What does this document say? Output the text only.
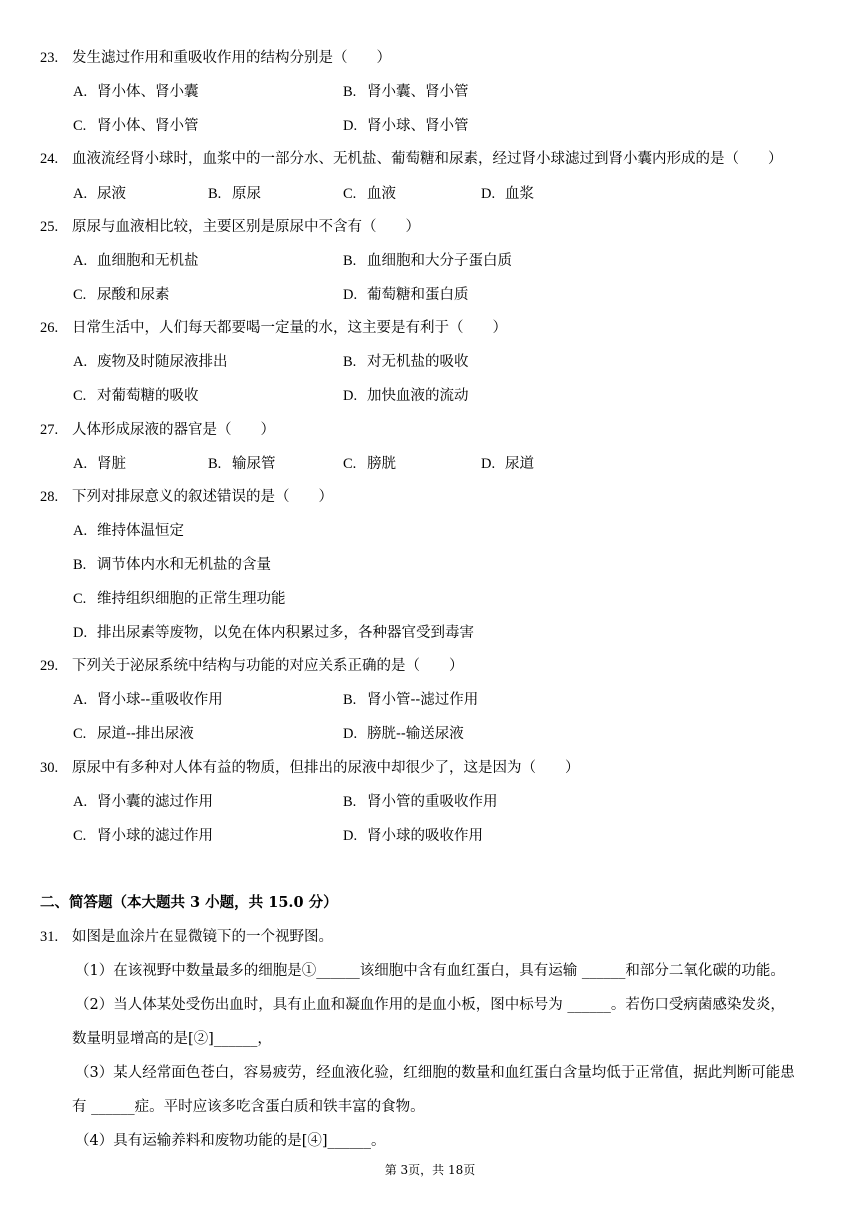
23. 发生滤过作用和重吸收作用的结构分别是（　　）
A. 肾小体、肾小囊	B. 肾小囊、肾小管
C. 肾小体、肾小管	D. 肾小球、肾小管
24. 血液流经肾小球时，血浆中的一部分水、无机盐、葡萄糖和尿素，经过肾小球滤过到肾小囊内形成的是（　　）
A. 尿液	B. 原尿	C. 血液	D. 血浆
25. 原尿与血液相比较，主要区别是原尿中不含有（　　）
A. 血细胞和无机盐	B. 血细胞和大分子蛋白质
C. 尿酸和尿素	D. 葡萄糖和蛋白质
26. 日常生活中，人们每天都要喝一定量的水，这主要是有利于（　　）
A. 废物及时随尿液排出	B. 对无机盐的吸收
C. 对葡萄糖的吸收	D. 加快血液的流动
27. 人体形成尿液的器官是（　　）
A. 肾脏	B. 输尿管	C. 膀胱	D. 尿道
28. 下列对排尿意义的叙述错误的是（　　）
A. 维持体温恒定
B. 调节体内水和无机盐的含量
C. 维持组织细胞的正常生理功能
D. 排出尿素等废物，以免在体内积累过多，各种器官受到毒害
29. 下列关于泌尿系统中结构与功能的对应关系正确的是（　　）
A. 肾小球--重吸收作用	B. 肾小管--滤过作用
C. 尿道--排出尿液	D. 膀胱--输送尿液
30. 原尿中有多种对人体有益的物质，但排出的尿液中却很少了，这是因为（　　）
A. 肾小囊的滤过作用	B. 肾小管的重吸收作用
C. 肾小球的滤过作用	D. 肾小球的吸收作用
二、简答题（本大题共 3 小题，共 15.0 分）
31. 如图是血涂片在显微镜下的一个视野图。
（1）在该视野中数量最多的细胞是①______该细胞中含有血红蛋白，具有运输 ______和部分二氧化碳的功能。
（2）当人体某处受伤出血时，具有止血和凝血作用的是血小板，图中标号为 ______。若伤口受病菌感染发炎，
数量明显增高的是[②]______，
（3）某人经常面色苍白，容易疲劳，经血液化验，红细胞的数量和血红蛋白含量均低于正常值，据此判断可能患
有 ______症。平时应该多吃含蛋白质和铁丰富的食物。
（4）具有运输养料和废物功能的是[④]______。
第 3页，共 18页
